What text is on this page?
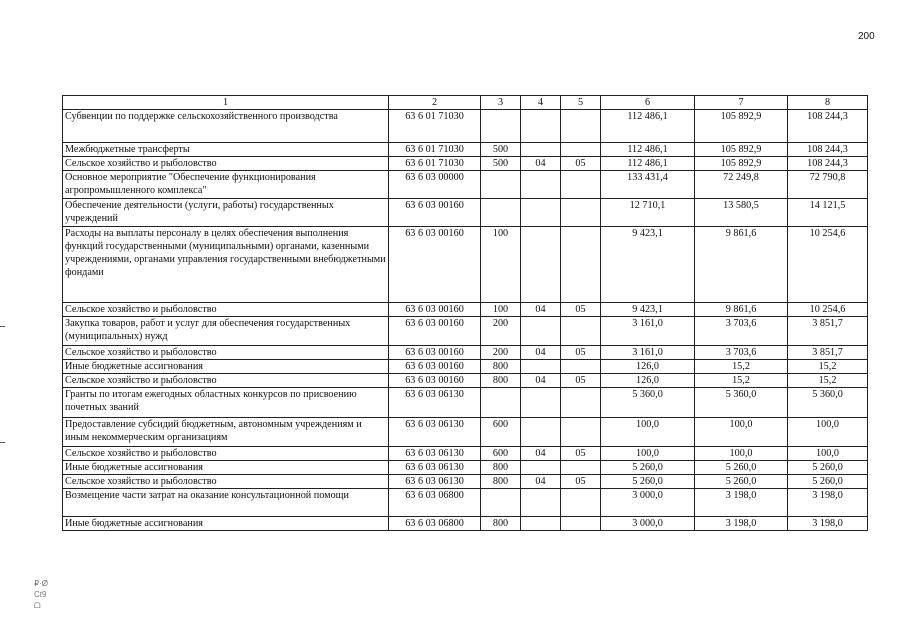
200
₽·Ø
Ct9
ᗝ
1	2	3	4	5	6	7	8
Субвенции по поддержке сельскохозяйственного производства	63 6 01 71030				112 486,1	105 892,9	108 244,3
Межбюджетные трансферты	63 6 01 71030	500			112 486,1	105 892,9	108 244,3
Сельское хозяйство и рыболовство	63 6 01 71030	500	04	05	112 486,1	105 892,9	108 244,3
Основное мероприятие "Обеспечение функционирования агропромышленного комплекса"	63 6 03 00000				133 431,4	72 249,8	72 790,8
Обеспечение деятельности (услуги, работы) государственных учреждений	63 6 03 00160				12 710,1	13 580,5	14 121,5
Расходы на выплаты персоналу в целях обеспечения выполнения функций государственными (муниципальными) органами, казенными учреждениями, органами управления государственными внебюджетными фондами	63 6 03 00160	100			9 423,1	9 861,6	10 254,6
Сельское хозяйство и рыболовство	63 6 03 00160	100	04	05	9 423,1	9 861,6	10 254,6
Закупка товаров, работ и услуг для обеспечения государственных (муниципальных) нужд	63 6 03 00160	200			3 161,0	3 703,6	3 851,7
Сельское хозяйство и рыболовство	63 6 03 00160	200	04	05	3 161,0	3 703,6	3 851,7
Иные бюджетные ассигнования	63 6 03 00160	800			126,0	15,2	15,2
Сельское хозяйство и рыболовство	63 6 03 00160	800	04	05	126,0	15,2	15,2
Гранты по итогам ежегодных областных конкурсов по присвоению почетных званий	63 6 03 06130				5 360,0	5 360,0	5 360,0
Предоставление субсидий бюджетным, автономным учреждениям и иным некоммерческим организациям	63 6 03 06130	600			100,0	100,0	100,0
Сельское хозяйство и рыболовство	63 6 03 06130	600	04	05	100,0	100,0	100,0
Иные бюджетные ассигнования	63 6 03 06130	800			5 260,0	5 260,0	5 260,0
Сельское хозяйство и рыболовство	63 6 03 06130	800	04	05	5 260,0	5 260,0	5 260,0
Возмещение части затрат на оказание консультационной помощи	63 6 03 06800				3 000,0	3 198,0	3 198,0
Иные бюджетные ассигнования	63 6 03 06800	800			3 000,0	3 198,0	3 198,0
